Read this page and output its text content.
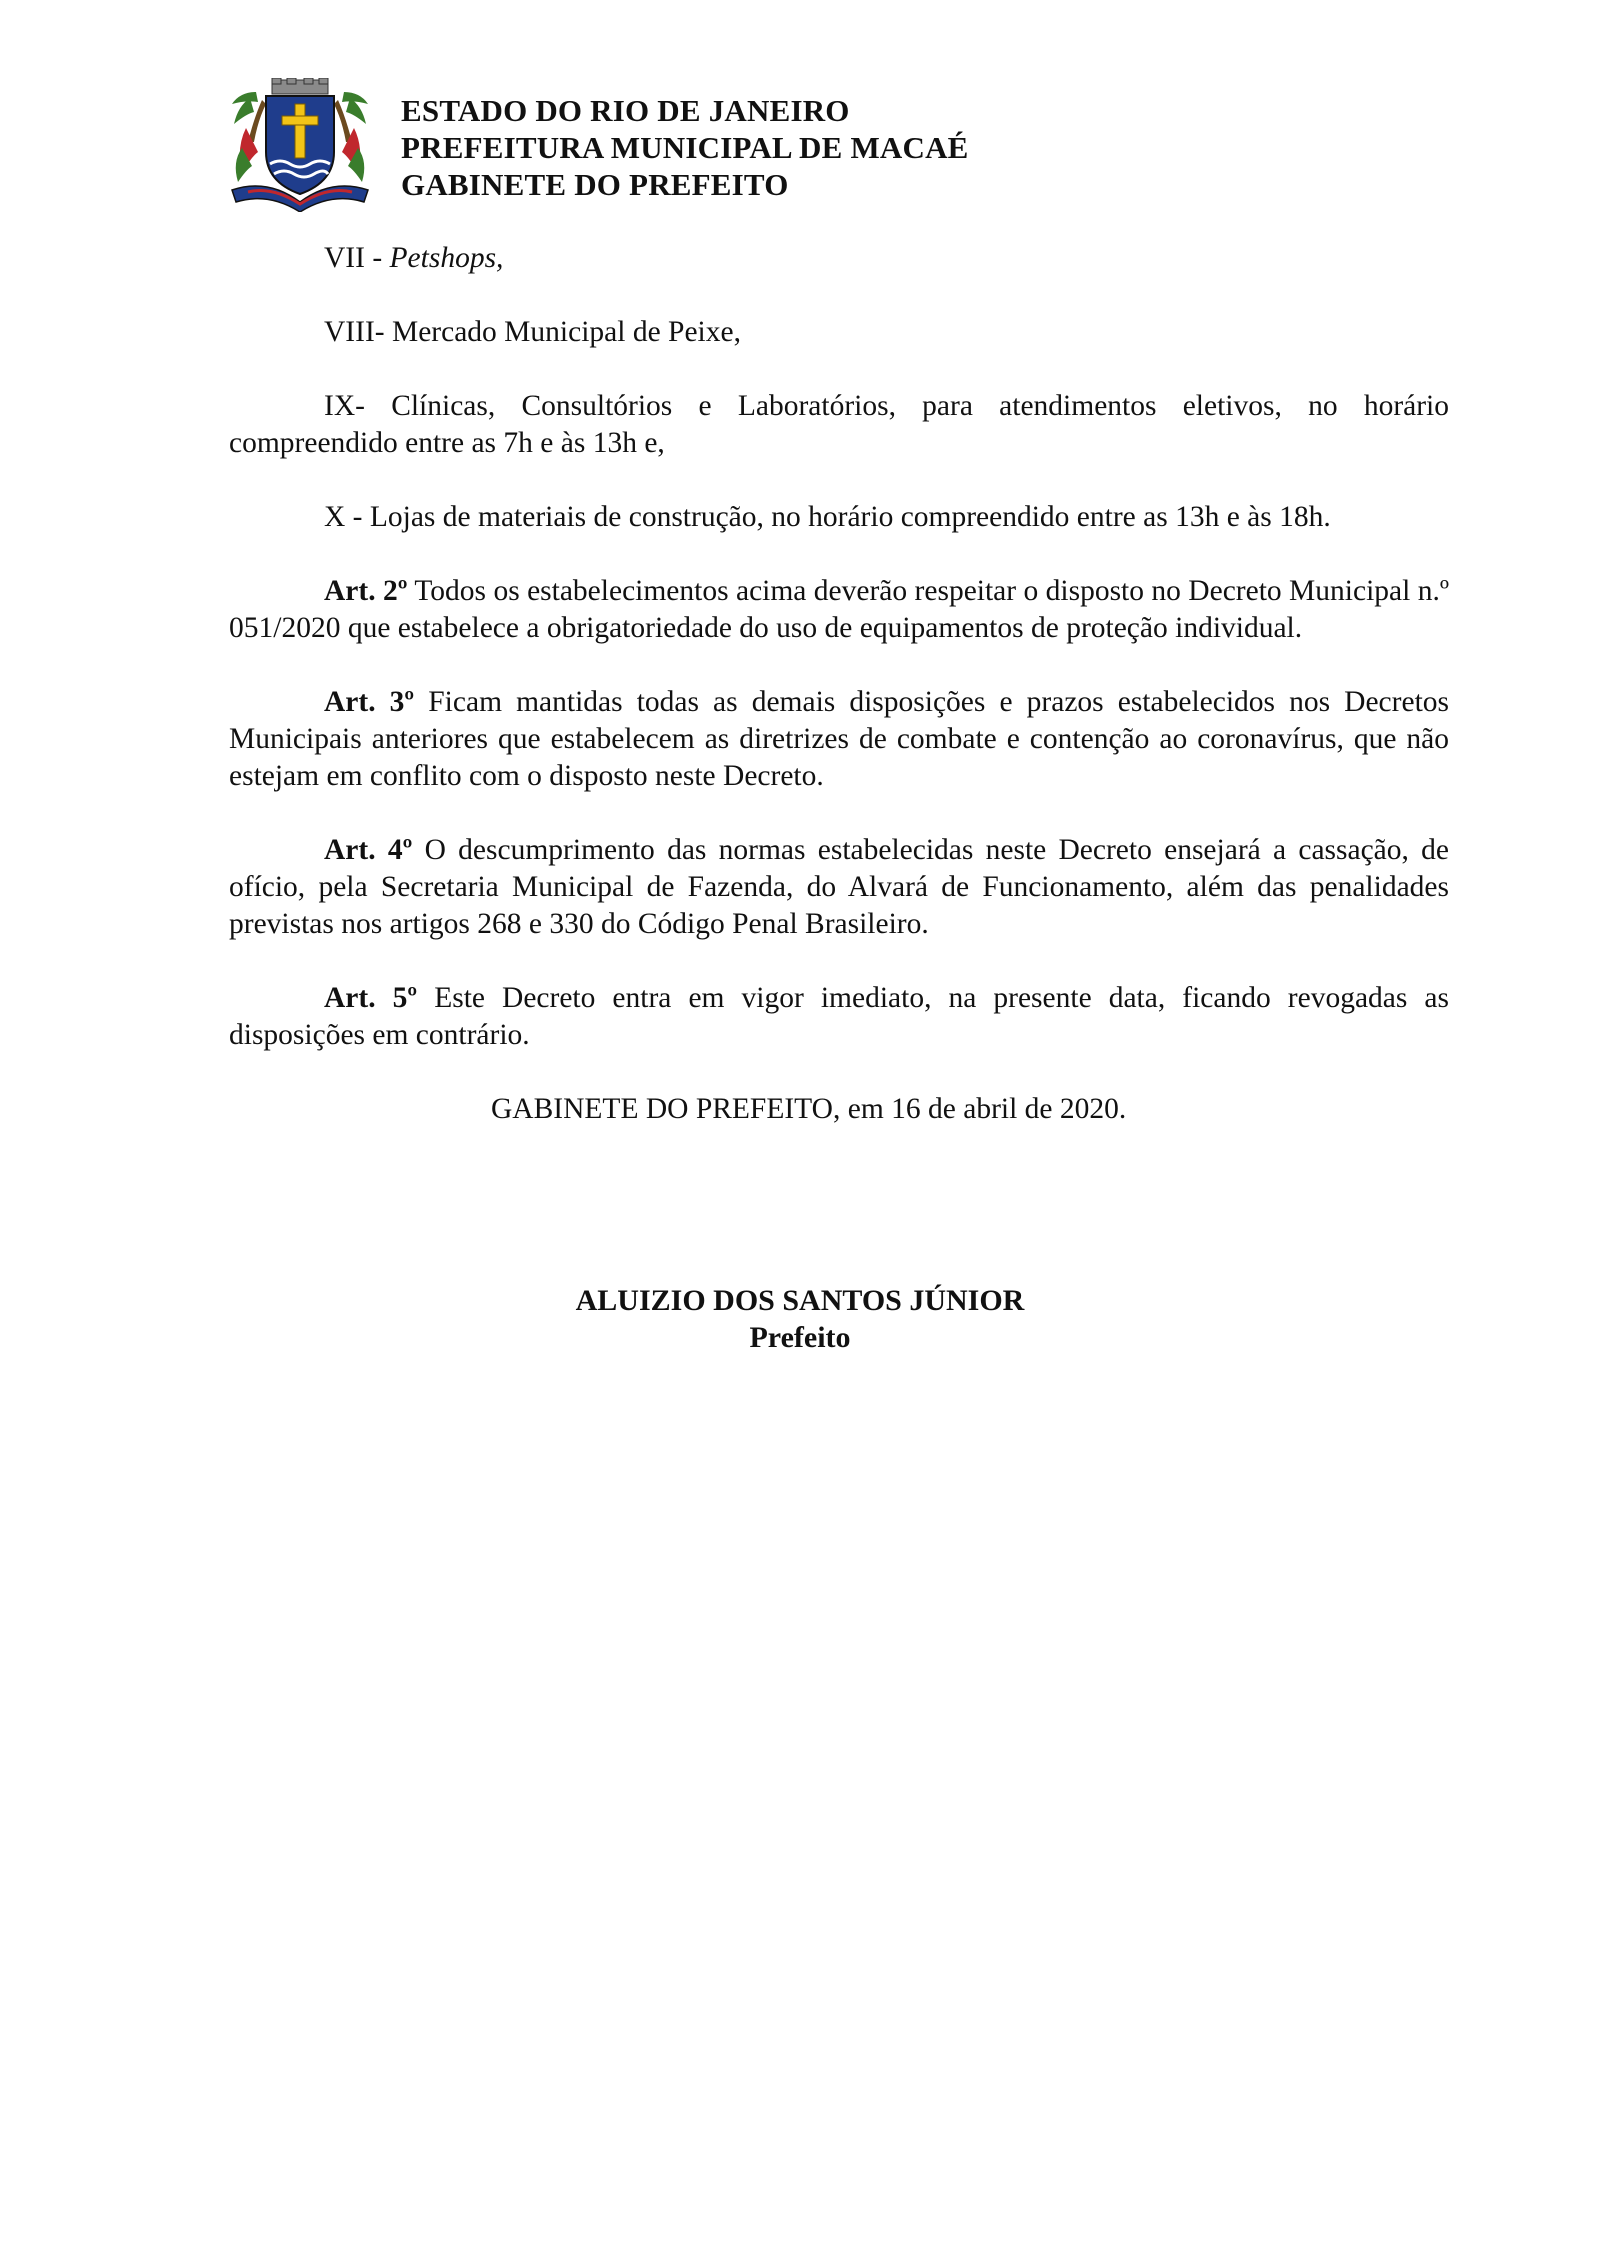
ESTADO DO RIO DE JANEIRO
PREFEITURA MUNICIPAL DE MACAÉ
GABINETE DO PREFEITO

VII - Petshops,

VIII- Mercado Municipal de Peixe,

IX- Clínicas, Consultórios e Laboratórios, para atendimentos eletivos, no horário compreendido entre as 7h e às 13h e,

X - Lojas de materiais de construção, no horário compreendido entre as 13h e às 18h.

Art. 2º Todos os estabelecimentos acima deverão respeitar o disposto no Decreto Municipal n.º 051/2020 que estabelece a obrigatoriedade do uso de equipamentos de proteção individual.

Art. 3º Ficam mantidas todas as demais disposições e prazos estabelecidos nos Decretos Municipais anteriores que estabelecem as diretrizes de combate e contenção ao coronavírus, que não estejam em conflito com o disposto neste Decreto.

Art. 4º O descumprimento das normas estabelecidas neste Decreto ensejará a cassação, de ofício, pela Secretaria Municipal de Fazenda, do Alvará de Funcionamento, além das penalidades previstas nos artigos 268 e 330 do Código Penal Brasileiro.

Art. 5º Este Decreto entra em vigor imediato, na presente data, ficando revogadas as disposições em contrário.

GABINETE DO PREFEITO, em 16 de abril de 2020.

ALUIZIO DOS SANTOS JÚNIOR
Prefeito
